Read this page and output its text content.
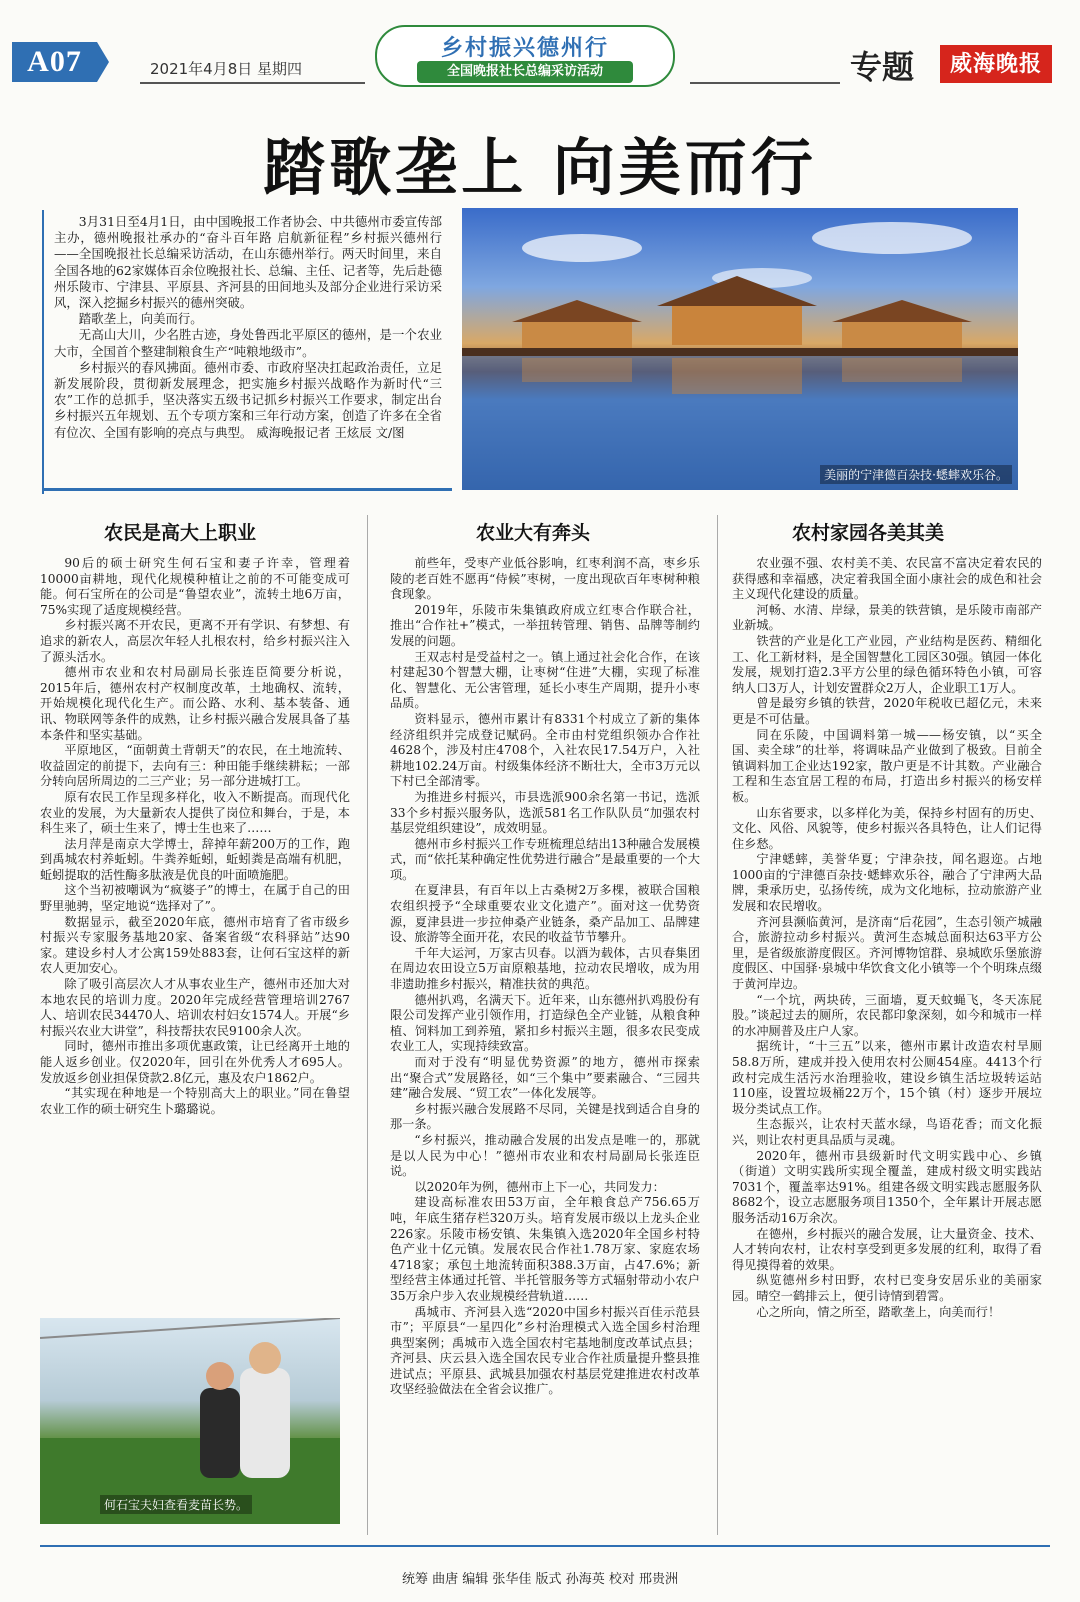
A07	2021年4月8日 星期四
乡村振兴德州行
全国晚报社长总编采访活动	专题	威海晚报
踏歌垄上 向美而行

3月31日至4月1日，由中国晚报工作者协会、中共德州市委宣传部主办，德州晚报社承办的“奋斗百年路 启航新征程”乡村振兴德州行——全国晚报社长总编采访活动，在山东德州举行。两天时间里，来自全国各地的62家媒体百余位晚报社长、总编、主任、记者等，先后赴德州乐陵市、宁津县、平原县、齐河县的田间地头及部分企业进行采访采风，深入挖掘乡村振兴的德州突破。

踏歌垄上，向美而行。

无高山大川，少名胜古迹，身处鲁西北平原区的德州，是一个农业大市，全国首个整建制粮食生产“吨粮地级市”。

乡村振兴的春风拂面。德州市委、市政府坚决扛起政治责任，立足新发展阶段，贯彻新发展理念，把实施乡村振兴战略作为新时代“三农”工作的总抓手，坚决落实五级书记抓乡村振兴工作要求，制定出台乡村振兴五年规划、五个专项方案和三年行动方案，创造了许多在全省有位次、全国有影响的亮点与典型。 威海晚报记者 王炫辰 文/图

美丽的宁津德百杂技·蟋蟀欢乐谷。
农民是高大上职业	农业大有奔头	农村家园各美其美

90后的硕士研究生何石宝和妻子许幸，管理着10000亩耕地，现代化规模种植让之前的不可能变成可能。何石宝所在的公司是“鲁望农业”，流转土地6万亩，75%实现了适度规模经营。

乡村振兴离不开农民，更离不开有学识、有梦想、有追求的新农人，高层次年轻人扎根农村，给乡村振兴注入了源头活水。

德州市农业和农村局副局长张连臣简要分析说，2015年后，德州农村产权制度改革，土地确权、流转，开始规模化现代化生产。而公路、水利、基本装备、通讯、物联网等条件的成熟，让乡村振兴融合发展具备了基本条件和坚实基础。

平原地区，“面朝黄土背朝天”的农民，在土地流转、收益固定的前提下，去向有三：种田能手继续耕耘；一部分转向居所周边的二三产业；另一部分进城打工。

原有农民工作呈现多样化，收入不断提高。而现代化农业的发展，为大量新农人提供了岗位和舞台，于是，本科生来了，硕士生来了，博士生也来了……

法月萍是南京大学博士，辞掉年薪200万的工作，跑到禹城农村养蚯蚓。牛粪养蚯蚓，蚯蚓粪是高端有机肥，蚯蚓提取的活性酶多肽液是优良的叶面喷施肥。

这个当初被嘲讽为“疯婆子”的博士，在属于自己的田野里驰骋，坚定地说“选择对了”。

数据显示，截至2020年底，德州市培育了省市级乡村振兴专家服务基地20家、备案省级“农科驿站”达90家。建设乡村人才公寓159处883套，让何石宝这样的新农人更加安心。

除了吸引高层次人才从事农业生产，德州市还加大对本地农民的培训力度。2020年完成经营管理培训2767人、培训农民34470人、培训农村妇女1574人。开展“乡村振兴农业大讲堂”，科技帮扶农民9100余人次。

同时，德州市推出多项优惠政策，让已经离开土地的能人返乡创业。仅2020年，回引在外优秀人才695人。发放返乡创业担保贷款2.8亿元，惠及农户1862户。

“其实现在种地是一个特别高大上的职业。”同在鲁望农业工作的硕士研究生卜璐璐说。

前些年，受枣产业低谷影响，红枣利润不高，枣乡乐陵的老百姓不愿再“侍候”枣树，一度出现砍百年枣树种粮食现象。

2019年，乐陵市朱集镇政府成立红枣合作联合社，推出“合作社+”模式，一举扭转管理、销售、品牌等制约发展的问题。

王双志村是受益村之一。镇上通过社会化合作，在该村建起30个智慧大棚，让枣树“住进”大棚，实现了标准化、智慧化、无公害管理，延长小枣生产周期，提升小枣品质。

资料显示，德州市累计有8331个村成立了新的集体经济组织并完成登记赋码。全市由村党组织领办合作社4628个，涉及村庄4708个，入社农民17.54万户，入社耕地102.24万亩。村级集体经济不断壮大，全市3万元以下村已全部清零。

为推进乡村振兴，市县选派900余名第一书记，选派33个乡村振兴服务队，选派581名工作队队员“加强农村基层党组织建设”，成效明显。

德州市乡村振兴工作专班梳理总结出13种融合发展模式，而“依托某种确定性优势进行融合”是最重要的一个大项。

在夏津县，有百年以上古桑树2万多棵，被联合国粮农组织授予“全球重要农业文化遗产”。面对这一优势资源，夏津县进一步拉伸桑产业链条，桑产品加工、品牌建设、旅游等全面开花，农民的收益节节攀升。

千年大运河，万家古贝春。以酒为载体，古贝春集团在周边农田设立5万亩原粮基地，拉动农民增收，成为用非遗助推乡村振兴，精准扶贫的典范。

德州扒鸡，名满天下。近年来，山东德州扒鸡股份有限公司发挥产业引领作用，打造绿色全产业链，从粮食种植、饲料加工到养殖，紧扣乡村振兴主题，很多农民变成农业工人，实现持续致富。

而对于没有“明显优势资源”的地方，德州市探索出“聚合式”发展路径，如“三个集中”要素融合、“三园共建”融合发展、“贸工农”一体化发展等。

乡村振兴融合发展路不尽同，关键是找到适合自身的那一条。

“乡村振兴，推动融合发展的出发点是唯一的，那就是以人民为中心！”德州市农业和农村局副局长张连臣说。

以2020年为例，德州市上下一心，共同发力：

建设高标准农田53万亩，全年粮食总产756.65万吨，年底生猪存栏320万头。培育发展市级以上龙头企业226家。乐陵市杨安镇、朱集镇入选2020年全国乡村特色产业十亿元镇。发展农民合作社1.78万家、家庭农场4718家；承包土地流转面积388.3万亩，占47.6%；新型经营主体通过托管、半托管服务等方式辐射带动小农户35万余户步入农业规模经营轨道……

禹城市、齐河县入选“2020中国乡村振兴百佳示范县市”；平原县“一星四化”乡村治理模式入选全国乡村治理典型案例；禹城市入选全国农村宅基地制度改革试点县；齐河县、庆云县入选全国农民专业合作社质量提升整县推进试点；平原县、武城县加强农村基层党建推进农村改革攻坚经验做法在全省会议推广。

农业强不强、农村美不美、农民富不富决定着农民的获得感和幸福感，决定着我国全面小康社会的成色和社会主义现代化建设的质量。

河畅、水清、岸绿，景美的铁营镇，是乐陵市南部产业新城。

铁营的产业是化工产业园，产业结构是医药、精细化工、化工新材料，是全国智慧化工园区30强。镇园一体化发展，规划打造2.3平方公里的绿色循环特色小镇，可容纳人口3万人，计划安置群众2万人，企业职工1万人。

曾是最穷乡镇的铁营，2020年税收已超亿元，未来更是不可估量。

同在乐陵，中国调料第一城——杨安镇，以“买全国、卖全球”的壮举，将调味品产业做到了极致。目前全镇调料加工企业达192家，散户更是不计其数。产业融合工程和生态宜居工程的布局，打造出乡村振兴的杨安样板。

山东省要求，以多样化为美，保持乡村固有的历史、文化、风俗、风貌等，使乡村振兴各具特色，让人们记得住乡愁。

宁津蟋蟀，美誉华夏；宁津杂技，闻名遐迩。占地1000亩的宁津德百杂技·蟋蟀欢乐谷，融合了宁津两大品牌，秉承历史，弘扬传统，成为文化地标，拉动旅游产业发展和农民增收。

齐河县濒临黄河，是济南“后花园”，生态引领产城融合，旅游拉动乡村振兴。黄河生态城总面积达63平方公里，是省级旅游度假区。齐河博物馆群、泉城欧乐堡旅游度假区、中国驿·泉城中华饮食文化小镇等一个个明珠点缀于黄河岸边。

“一个坑，两块砖，三面墙，夏天蚊蝇飞，冬天冻屁股。”谈起过去的厕所，农民都印象深刻，如今和城市一样的水冲厕普及庄户人家。

据统计，“十三五”以来，德州市累计改造农村旱厕58.8万所，建成并投入使用农村公厕454座。4413个行政村完成生活污水治理验收，建设乡镇生活垃圾转运站110座，设置垃圾桶22万个，15个镇（村）逐步开展垃圾分类试点工作。

生态振兴，让农村天蓝水绿，鸟语花香；而文化振兴，则让农村更具品质与灵魂。

2020年，德州市县级新时代文明实践中心、乡镇（街道）文明实践所实现全覆盖，建成村级文明实践站7031个，覆盖率达91%。组建各级文明实践志愿服务队8682个，设立志愿服务项目1350个，全年累计开展志愿服务活动16万余次。

在德州，乡村振兴的融合发展，让大量资金、技术、人才转向农村，让农村享受到更多发展的红利，取得了看得见摸得着的效果。

纵览德州乡村田野，农村已变身安居乐业的美丽家园。晴空一鹤排云上，便引诗情到碧霄。

心之所向，情之所至，踏歌垄上，向美而行！

何石宝夫妇查看麦苗长势。
统筹 曲唐 编辑 张华佳 版式 孙海英 校对 邢贵洲
